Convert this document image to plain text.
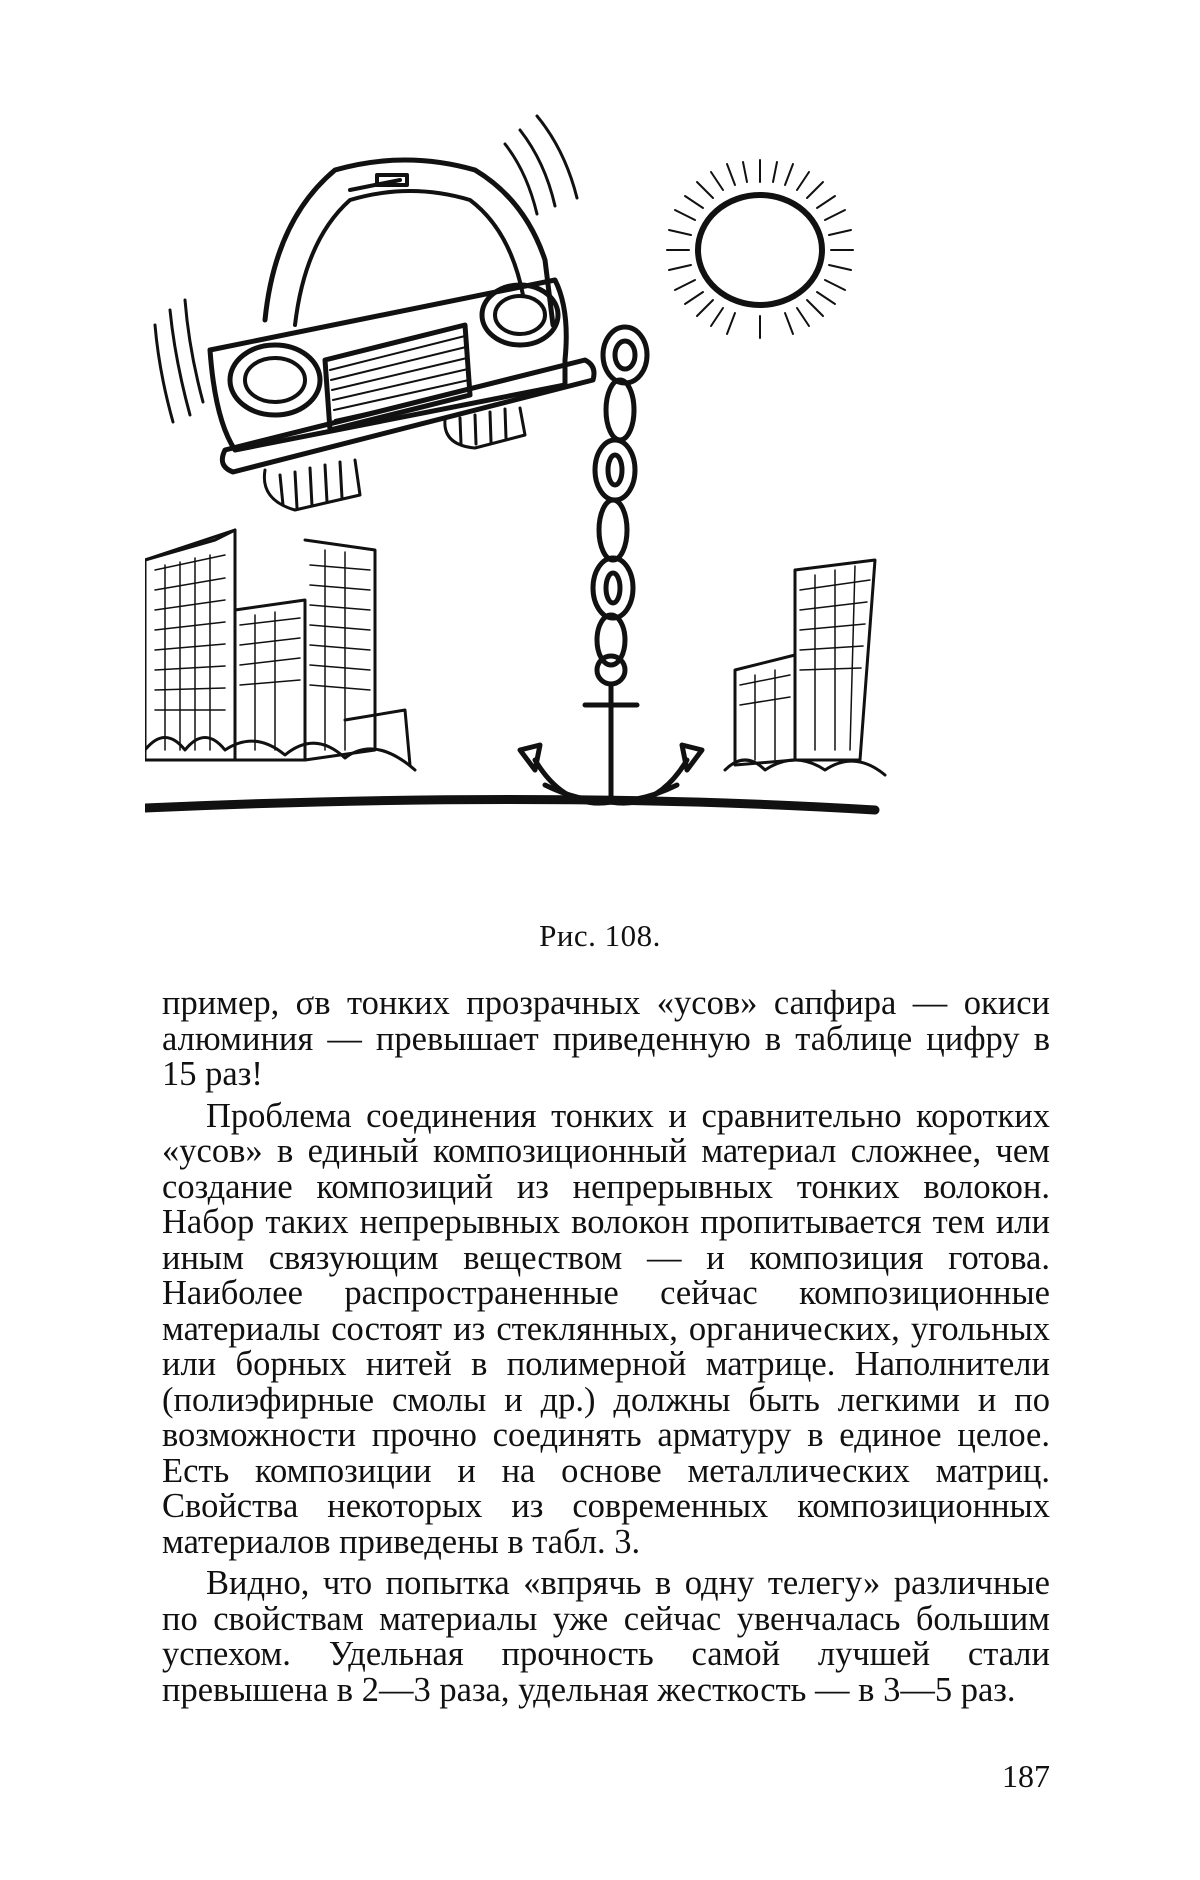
Рис. 108.

пример, σв тонких прозрачных «усов» сапфира — окиси алюминия — превышает приведенную в таблице цифру в 15 раз!

Проблема соединения тонких и сравнительно коротких «усов» в единый композиционный материал сложнее, чем создание композиций из непрерывных тонких волокон. Набор таких непрерывных волокон пропитывается тем или иным связующим веществом — и композиция готова. Наиболее распространенные сейчас композиционные материалы состоят из стеклянных, органических, угольных или борных нитей в полимерной матрице. Наполнители (полиэфирные смолы и др.) должны быть легкими и по возможности прочно соединять арматуру в единое целое. Есть композиции и на основе металлических матриц. Свойства некоторых из современных композиционных материалов приведены в табл. 3.

Видно, что попытка «впрячь в одну телегу» различные по свойствам материалы уже сейчас увенчалась большим успехом. Удельная прочность самой лучшей стали превышена в 2—3 раза, удельная жесткость — в 3—5 раз.

187
